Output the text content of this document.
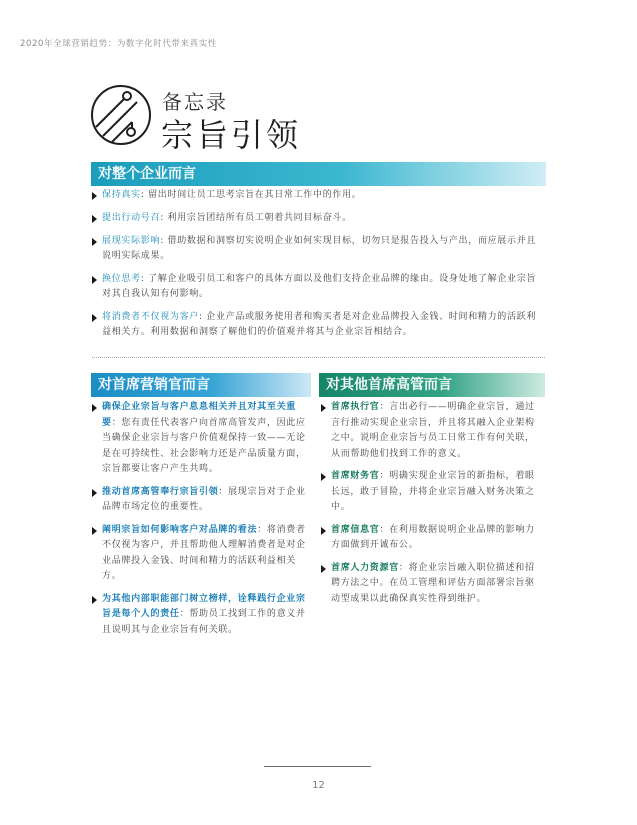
2020年全球营销趋势：为数字化时代带来真实性
备忘录
宗旨引领
对整个企业而言
保持真实: 留出时间让员工思考宗旨在其日常工作中的作用。
提出行动号召: 利用宗旨团结所有员工朝着共同目标奋斗。
展现实际影响: 借助数据和洞察切实说明企业如何实现目标，切勿只是报告投入与产出，而应展示并且说明实际成果。
换位思考: 了解企业吸引员工和客户的具体方面以及他们支持企业品牌的缘由。设身处地了解企业宗旨对其自我认知有何影响。
将消费者不仅视为客户: 企业产品或服务使用者和购买者是对企业品牌投入金钱、时间和精力的活跃利益相关方。利用数据和洞察了解他们的价值观并将其与企业宗旨相结合。
对首席营销官而言
确保企业宗旨与客户息息相关并且对其至关重要：您有责任代表客户向首席高管发声，因此应当确保企业宗旨与客户价值观保持一致——无论是在可持续性、社会影响力还是产品质量方面，宗旨都要让客户产生共鸣。
推动首席高管奉行宗旨引领：展现宗旨对于企业品牌市场定位的重要性。
阐明宗旨如何影响客户对品牌的看法：将消费者不仅视为客户，并且帮助他人理解消费者是对企业品牌投入金钱、时间和精力的活跃利益相关方。
为其他内部职能部门树立榜样，诠释践行企业宗旨是每个人的责任：帮助员工找到工作的意义并且说明其与企业宗旨有何关联。
对其他首席高管而言
首席执行官：言出必行——明确企业宗旨，通过言行推动实现企业宗旨，并且将其融入企业架构之中。说明企业宗旨与员工日常工作有何关联，从而帮助他们找到工作的意义。
首席财务官：明确实现企业宗旨的新指标，着眼长远，敢于冒险，并将企业宗旨融入财务决策之中。
首席信息官：在利用数据说明企业品牌的影响力方面做到开诚布公。
首席人力资源官：将企业宗旨融入职位描述和招聘方法之中。在员工管理和评估方面部署宗旨驱动型成果以此确保真实性得到维护。
12
